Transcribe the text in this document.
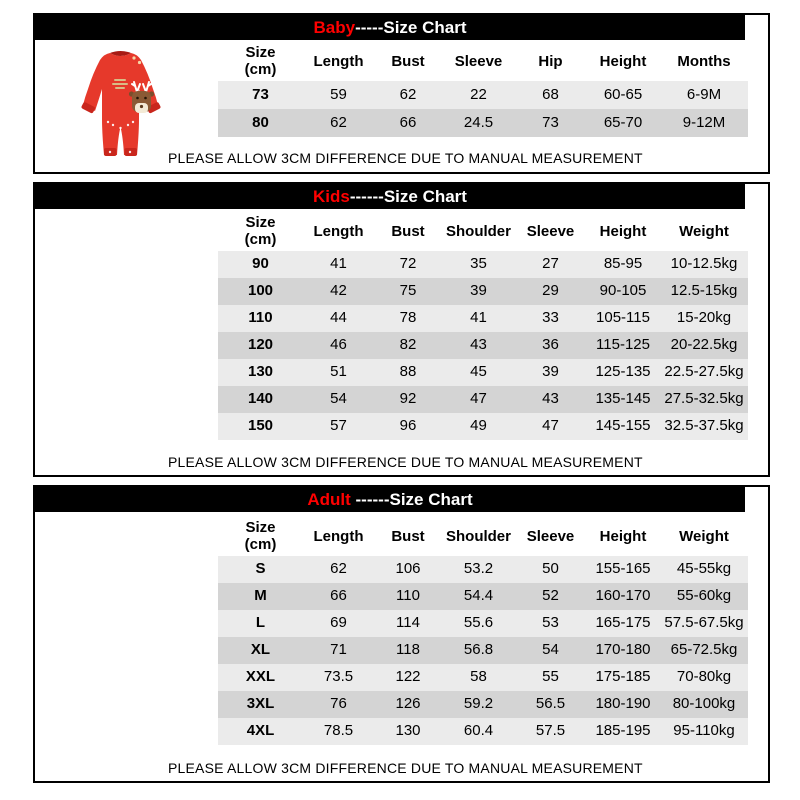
Baby -----Size Chart
Size
(cm) Length Bust Sleeve Hip Height Months
73	59	62	22	68	60-65	6-9M
80	62	66	24.5	73	65-70	9-12M
PLEASE ALLOW 3CM DIFFERENCE DUE TO MANUAL MEASUREMENT
Kids ------Size Chart
Size
(cm) Length Bust Shoulder Sleeve Height Weight
90	41	72	35	27	85-95	10-12.5kg
100	42	75	39	29	90-105	12.5-15kg
110	44	78	41	33	105-115	15-20kg
120	46	82	43	36	115-125	20-22.5kg
130	51	88	45	39	125-135 22.5-27.5kg
140	54	92	47	43	135-145 27.5-32.5kg
150	57	96	49	47	145-155 32.5-37.5kg
PLEASE ALLOW 3CM DIFFERENCE DUE TO MANUAL MEASUREMENT
Adult ------Size Chart
Size
(cm) Length Bust Shoulder Sleeve Height Weight
S	62	106	53.2	50	155-165	45-55kg
M	66	110	54.4	52	160-170	55-60kg
L	69	114	55.6	53	165-175 57.5-67.5kg
XL	71	118	56.8	54	170-180	65-72.5kg
XXL	73.5	122	58	55	175-185	70-80kg
3XL	76	126	59.2	56.5	180-190	80-100kg
4XL	78.5	130	60.4	57.5	185-195	95-110kg
PLEASE ALLOW 3CM DIFFERENCE DUE TO MANUAL MEASUREMENT
